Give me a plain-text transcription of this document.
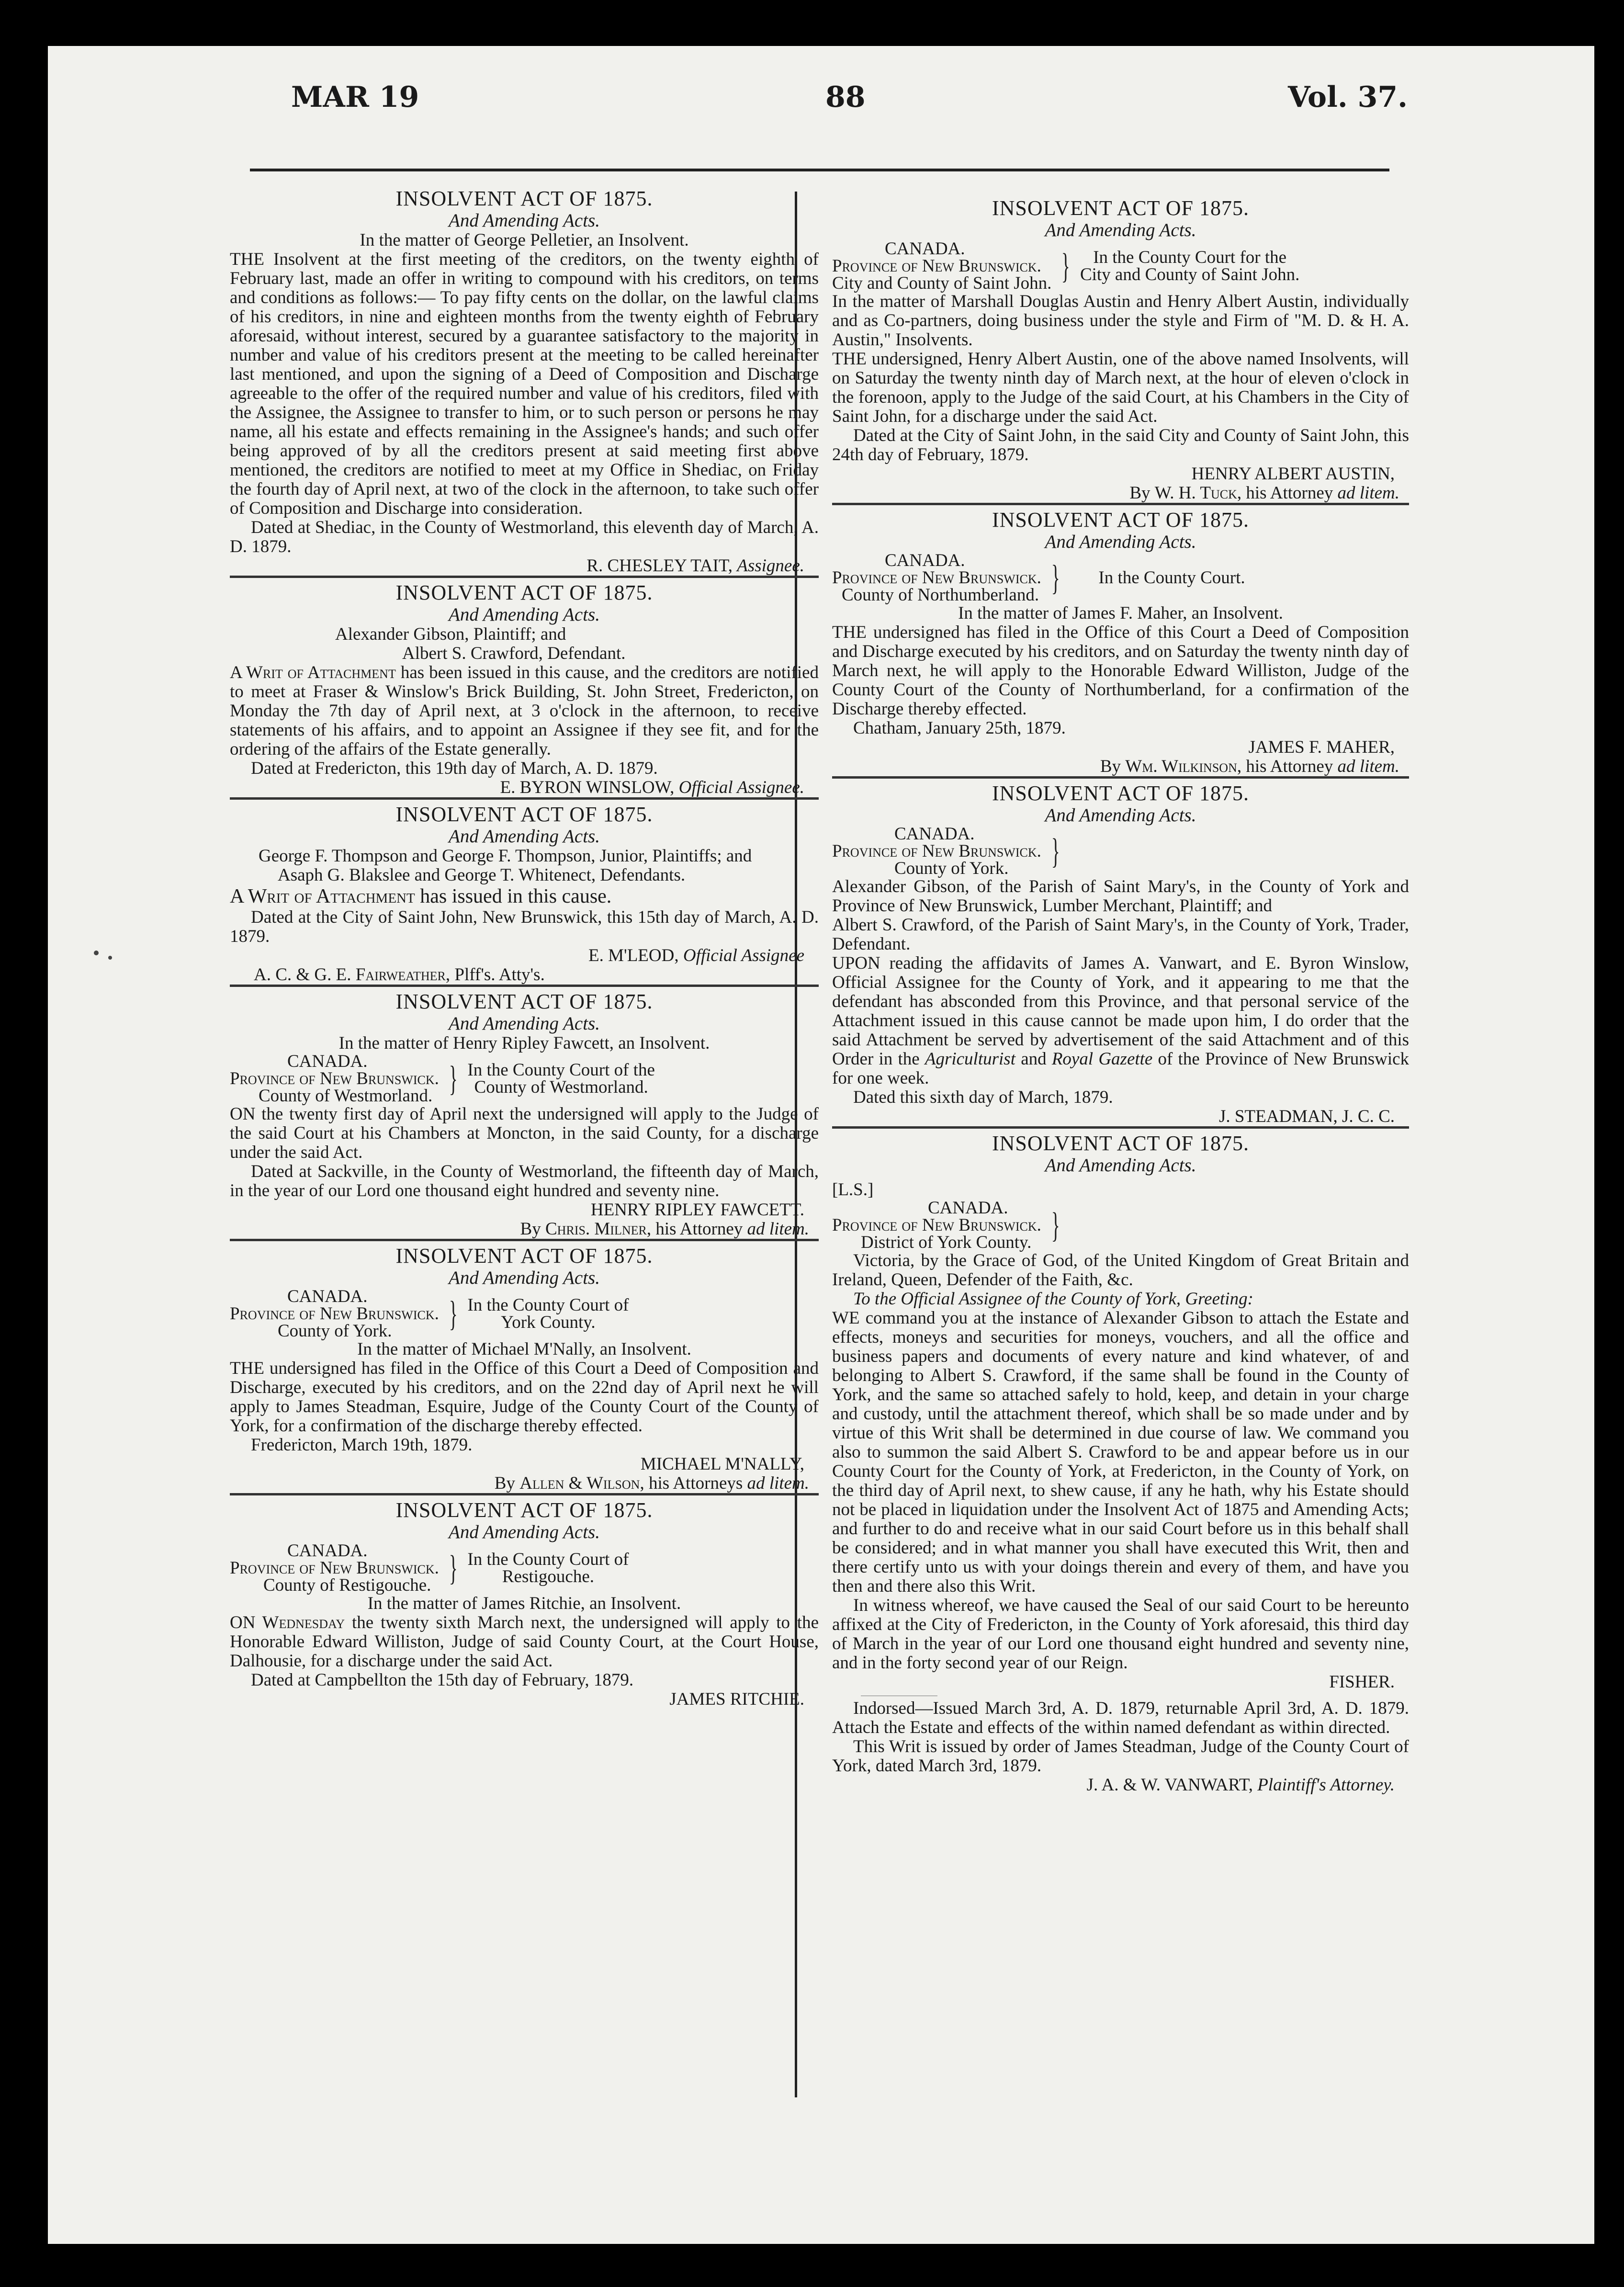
MAR 19	88	Vol. 37.
INSOLVENT ACT OF 1875.
And Amending Acts.
In the matter of George Pelletier, an Insolvent.

THE Insolvent at the first meeting of the creditors, on the twenty eighth of February last, made an offer in writing to compound with his creditors, on terms and conditions as follows:— To pay fifty cents on the dollar, on the lawful claims of his creditors, in nine and eighteen months from the twenty eighth of February aforesaid, without interest, secured by a guarantee satisfactory to the majority in number and value of his creditors present at the meeting to be called hereinafter last mentioned, and upon the signing of a Deed of Composition and Discharge agreeable to the offer of the required number and value of his creditors, filed with the Assignee, the Assignee to transfer to him, or to such person or persons he may name, all his estate and effects remaining in the Assignee's hands; and such offer being approved of by all the creditors present at said meeting first above mentioned, the creditors are notified to meet at my Office in Shediac, on Friday the fourth day of April next, at two of the clock in the afternoon, to take such offer of Composition and Discharge into consideration.

Dated at Shediac, in the County of Westmorland, this eleventh day of March, A. D. 1879.

R. CHESLEY TAIT, Assignee.
INSOLVENT ACT OF 1875.
And Amending Acts.
Alexander Gibson, Plaintiff; and
Albert S. Crawford, Defendant.

A Writ of Attachment has been issued in this cause, and the creditors are notified to meet at Fraser & Winslow's Brick Building, St. John Street, Fredericton, on Monday the 7th day of April next, at 3 o'clock in the afternoon, to receive statements of his affairs, and to appoint an Assignee if they see fit, and for the ordering of the affairs of the Estate generally.

Dated at Fredericton, this 19th day of March, A. D. 1879.

E. BYRON WINSLOW, Official Assignee.
INSOLVENT ACT OF 1875.
And Amending Acts.
George F. Thompson and George F. Thompson, Junior, Plaintiffs; and
Asaph G. Blakslee and George T. Whitenect, Defendants.

A Writ of Attachment has issued in this cause.

Dated at the City of Saint John, New Brunswick, this 15th day of March, A. D. 1879.

E. M'LEOD, Official Assignee
A. C. & G. E. Fairweather, Plff's. Atty's.
INSOLVENT ACT OF 1875.
And Amending Acts.
In the matter of Henry Ripley Fawcett, an Insolvent.
CANADA.
Province of New Brunswick.
County of Westmorland. } In the County Court of the
County of Westmorland.

ON the twenty first day of April next the undersigned will apply to the Judge of the said Court at his Chambers at Moncton, in the said County, for a discharge under the said Act.

Dated at Sackville, in the County of Westmorland, the fifteenth day of March, in the year of our Lord one thousand eight hundred and seventy nine.

HENRY RIPLEY FAWCETT.
By Chris. Milner, his Attorney ad litem.
INSOLVENT ACT OF 1875.
And Amending Acts.
CANADA.
Province of New Brunswick.
County of York.	} In the County Court of
York County.
In the matter of Michael M'Nally, an Insolvent.

THE undersigned has filed in the Office of this Court a Deed of Composition and Discharge, executed by his creditors, and on the 22nd day of April next he will apply to James Steadman, Esquire, Judge of the County Court of the County of York, for a confirmation of the discharge thereby effected.

Fredericton, March 19th, 1879.

MICHAEL M'NALLY,
By Allen & Wilson, his Attorneys ad litem.
INSOLVENT ACT OF 1875.
And Amending Acts.
CANADA.
Province of New Brunswick.
County of Restigouche. } In the County Court of
Restigouche.
In the matter of James Ritchie, an Insolvent.

ON Wednesday the twenty sixth March next, the undersigned will apply to the Honorable Edward Williston, Judge of said County Court, at the Court House, Dalhousie, for a discharge under the said Act.

Dated at Campbellton the 15th day of February, 1879.

JAMES RITCHIE.
INSOLVENT ACT OF 1875.
And Amending Acts.
CANADA.
Province of New Brunswick.
City and County of Saint John. }	In the County Court for the
City and County of Saint John.

In the matter of Marshall Douglas Austin and Henry Albert Austin, individually and as Co-partners, doing business under the style and Firm of "M. D. & H. A. Austin," Insolvents.

THE undersigned, Henry Albert Austin, one of the above named Insolvents, will on Saturday the twenty ninth day of March next, at the hour of eleven o'clock in the forenoon, apply to the Judge of the said Court, at his Chambers in the City of Saint John, for a discharge under the said Act.

Dated at the City of Saint John, in the said City and County of Saint John, this 24th day of February, 1879.

HENRY ALBERT AUSTIN,
By W. H. Tuck, his Attorney ad litem.
INSOLVENT ACT OF 1875.
And Amending Acts.
CANADA.
Province of New Brunswick.
County of Northumberland. } In the County Court.
In the matter of James F. Maher, an Insolvent.

THE undersigned has filed in the Office of this Court a Deed of Composition and Discharge executed by his creditors, and on Saturday the twenty ninth day of March next, he will apply to the Honorable Edward Williston, Judge of the County Court of the County of Northumberland, for a confirmation of the Discharge thereby effected.

Chatham, January 25th, 1879.

JAMES F. MAHER,
By Wm. Wilkinson, his Attorney ad litem.
INSOLVENT ACT OF 1875.
And Amending Acts.
CANADA.
Province of New Brunswick.
County of York.	}

Alexander Gibson, of the Parish of Saint Mary's, in the County of York and Province of New Brunswick, Lumber Merchant, Plaintiff; and

Albert S. Crawford, of the Parish of Saint Mary's, in the County of York, Trader, Defendant.

UPON reading the affidavits of James A. Vanwart, and E. Byron Winslow, Official Assignee for the County of York, and it appearing to me that the defendant has absconded from this Province, and that personal service of the Attachment issued in this cause cannot be made upon him, I do order that the said Attachment be served by advertisement of the said Attachment and of this Order in the Agriculturist and Royal Gazette of the Province of New Brunswick for one week.

Dated this sixth day of March, 1879.

J. STEADMAN, J. C. C.
INSOLVENT ACT OF 1875.
And Amending Acts.
[L.S.]
CANADA.
Province of New Brunswick.
District of York County. }

Victoria, by the Grace of God, of the United Kingdom of Great Britain and Ireland, Queen, Defender of the Faith, &c.

To the Official Assignee of the County of York, Greeting:

WE command you at the instance of Alexander Gibson to attach the Estate and effects, moneys and securities for moneys, vouchers, and all the office and business papers and documents of every nature and kind whatever, of and belonging to Albert S. Crawford, if the same shall be found in the County of York, and the same so attached safely to hold, keep, and detain in your charge and custody, until the attachment thereof, which shall be so made under and by virtue of this Writ shall be determined in due course of law. We command you also to summon the said Albert S. Crawford to be and appear before us in our County Court for the County of York, at Fredericton, in the County of York, on the third day of April next, to shew cause, if any he hath, why his Estate should not be placed in liquidation under the Insolvent Act of 1875 and Amending Acts; and further to do and receive what in our said Court before us in this behalf shall be considered; and in what manner you shall have executed this Writ, then and there certify unto us with your doings therein and every of them, and have you then and there also this Writ.

In witness whereof, we have caused the Seal of our said Court to be hereunto affixed at the City of Fredericton, in the County of York aforesaid, this third day of March in the year of our Lord one thousand eight hundred and seventy nine, and in the forty second year of our Reign.

FISHER.

Indorsed—Issued March 3rd, A. D. 1879, returnable April 3rd, A. D. 1879. Attach the Estate and effects of the within named defendant as within directed.

This Writ is issued by order of James Steadman, Judge of the County Court of York, dated March 3rd, 1879.

J. A. & W. VANWART, Plaintiff's Attorney.
